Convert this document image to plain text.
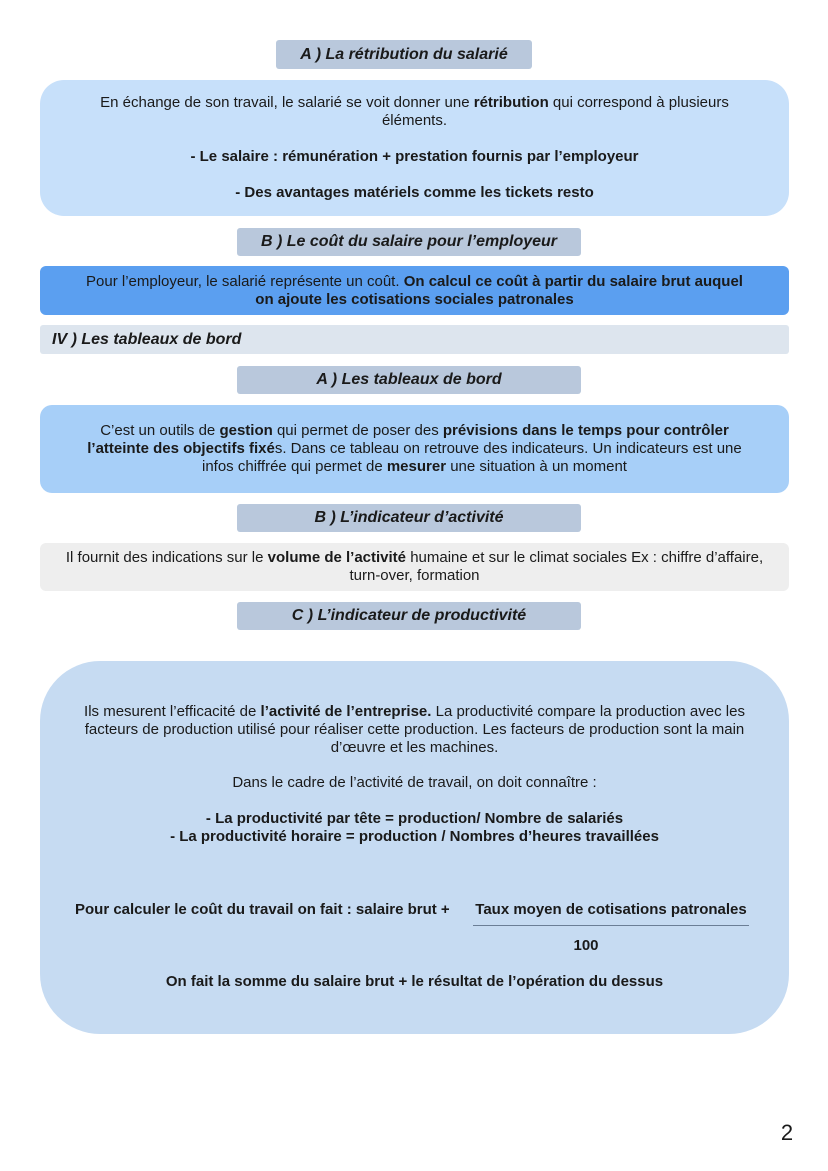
A ) La rétribution du salarié

En échange de son travail, le salarié se voit donner une rétribution qui correspond à plusieurs éléments.

- Le salaire : rémunération + prestation fournis par l’employeur

- Des avantages matériels comme les tickets resto

B ) Le coût du salaire pour l’employeur

Pour l’employeur, le salarié représente un coût. On calcul ce coût à partir du salaire brut auquel on ajoute les cotisations sociales patronales

IV ) Les tableaux de bord
A ) Les tableaux de bord

C’est un outils de gestion qui permet de poser des prévisions dans le temps pour contrôler l’atteinte des objectifs fixés. Dans ce tableau on retrouve des indicateurs. Un indicateurs est une infos chiffrée qui permet de mesurer une situation à un moment

B ) L’indicateur d’activité

Il fournit des indications sur le volume de l’activité humaine et sur le climat sociales Ex : chiffre d’affaire, turn-over, formation

C ) L’indicateur de productivité

Ils mesurent l’efficacité de l’activité de l’entreprise. La productivité compare la production avec les facteurs de production utilisé pour réaliser cette production. Les facteurs de production sont la main d’œuvre et les machines.

Dans le cadre de l’activité de travail, on doit connaître :

- La productivité par tête = production/ Nombre de salariés

- La productivité horaire = production / Nombres d’heures travaillées

Pour calculer le coût du travail on fait : salaire brut + Taux moyen de cotisations patronales

100

On fait la somme du salaire brut + le résultat de l’opération du dessus

2
